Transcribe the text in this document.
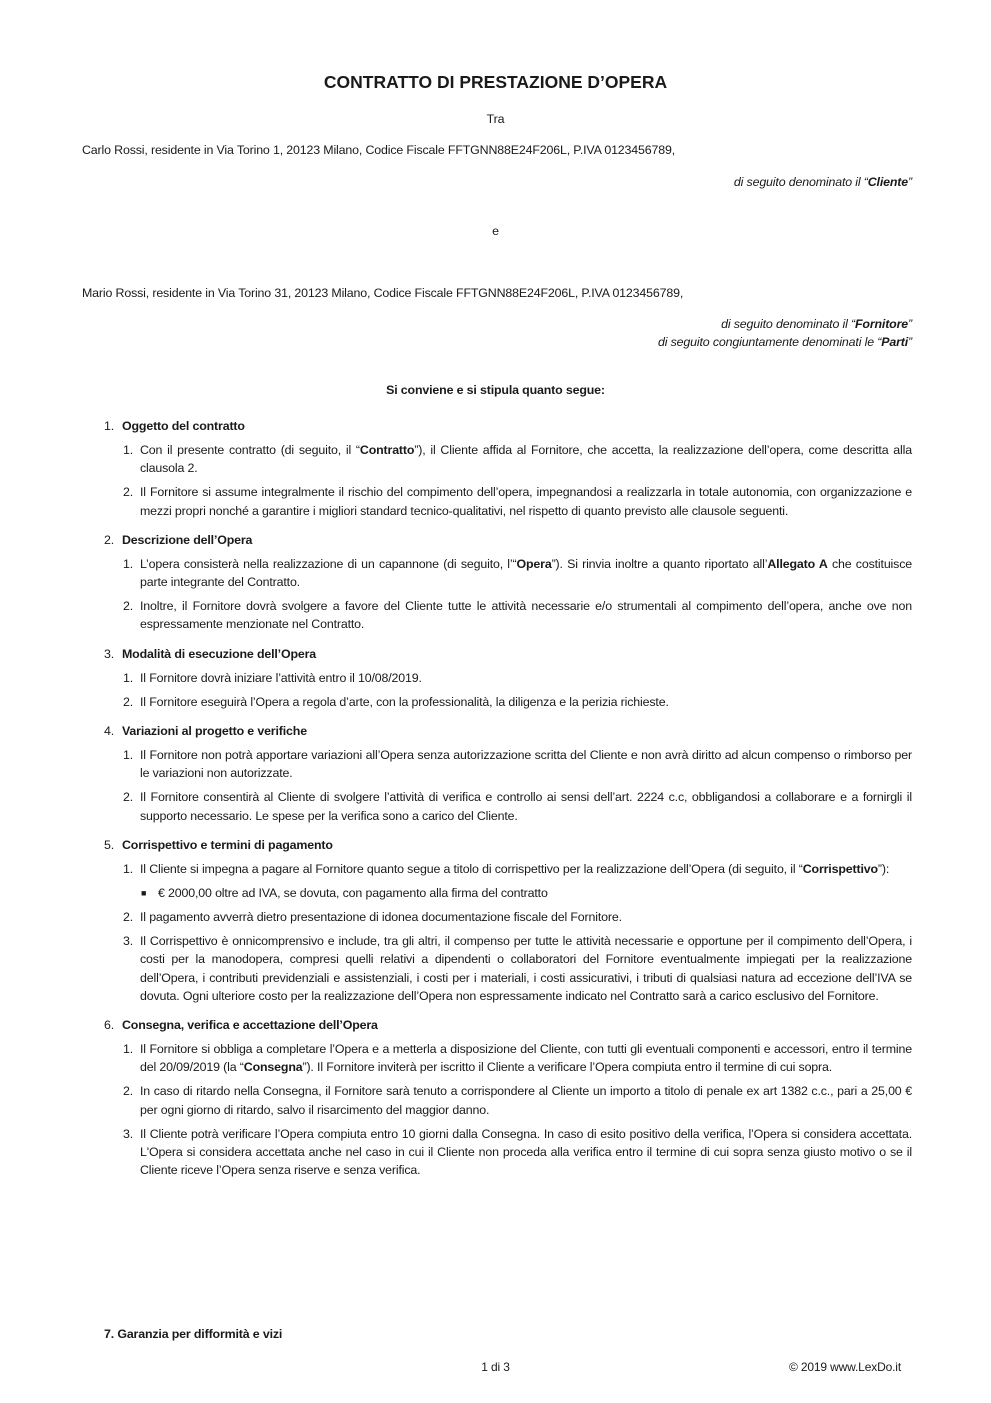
CONTRATTO DI PRESTAZIONE D’OPERA
Tra
Carlo Rossi, residente in Via Torino 1, 20123 Milano, Codice Fiscale FFTGNN88E24F206L, P.IVA 0123456789,
di seguito denominato il “Cliente”
e
Mario Rossi, residente in Via Torino 31, 20123 Milano, Codice Fiscale FFTGNN88E24F206L, P.IVA 0123456789,
di seguito denominato il “Fornitore”
di seguito congiuntamente denominati le “Parti”
Si conviene e si stipula quanto segue:
1. Oggetto del contratto
1. Con il presente contratto (di seguito, il “Contratto”), il Cliente affida al Fornitore, che accetta, la realizzazione dell’opera, come descritta alla clausola 2.
2. Il Fornitore si assume integralmente il rischio del compimento dell’opera, impegnandosi a realizzarla in totale autonomia, con organizzazione e mezzi propri nonché a garantire i migliori standard tecnico-qualitativi, nel rispetto di quanto previsto alle clausole seguenti.
2. Descrizione dell’Opera
1. L’opera consisterà nella realizzazione di un capannone (di seguito, l’“Opera”). Si rinvia inoltre a quanto riportato all’Allegato A che costituisce parte integrante del Contratto.
2. Inoltre, il Fornitore dovrà svolgere a favore del Cliente tutte le attività necessarie e/o strumentali al compimento dell’opera, anche ove non espressamente menzionate nel Contratto.
3. Modalità di esecuzione dell’Opera
1. Il Fornitore dovrà iniziare l’attività entro il 10/08/2019.
2. Il Fornitore eseguirà l’Opera a regola d’arte, con la professionalità, la diligenza e la perizia richieste.
4. Variazioni al progetto e verifiche
1. Il Fornitore non potrà apportare variazioni all’Opera senza autorizzazione scritta del Cliente e non avrà diritto ad alcun compenso o rimborso per le variazioni non autorizzate.
2. Il Fornitore consentirà al Cliente di svolgere l’attività di verifica e controllo ai sensi dell’art. 2224 c.c, obbligandosi a collaborare e a fornirgli il supporto necessario. Le spese per la verifica sono a carico del Cliente.
5. Corrispettivo e termini di pagamento
1. Il Cliente si impegna a pagare al Fornitore quanto segue a titolo di corrispettivo per la realizzazione dell’Opera (di seguito, il “Corrispettivo”):
■ € 2000,00 oltre ad IVA, se dovuta, con pagamento alla firma del contratto
2. Il pagamento avverrà dietro presentazione di idonea documentazione fiscale del Fornitore.
3. Il Corrispettivo è onnicomprensivo e include, tra gli altri, il compenso per tutte le attività necessarie e opportune per il compimento dell’Opera, i costi per la manodopera, compresi quelli relativi a dipendenti o collaboratori del Fornitore eventualmente impiegati per la realizzazione dell’Opera, i contributi previdenziali e assistenziali, i costi per i materiali, i costi assicurativi, i tributi di qualsiasi natura ad eccezione dell’IVA se dovuta. Ogni ulteriore costo per la realizzazione dell’Opera non espressamente indicato nel Contratto sarà a carico esclusivo del Fornitore.
6. Consegna, verifica e accettazione dell’Opera
1. Il Fornitore si obbliga a completare l’Opera e a metterla a disposizione del Cliente, con tutti gli eventuali componenti e accessori, entro il termine del 20/09/2019 (la “Consegna”). Il Fornitore inviterà per iscritto il Cliente a verificare l’Opera compiuta entro il termine di cui sopra.
2. In caso di ritardo nella Consegna, il Fornitore sarà tenuto a corrispondere al Cliente un importo a titolo di penale ex art 1382 c.c., pari a 25,00 € per ogni giorno di ritardo, salvo il risarcimento del maggior danno.
3. Il Cliente potrà verificare l’Opera compiuta entro 10 giorni dalla Consegna. In caso di esito positivo della verifica, l’Opera si considera accettata. L'Opera si considera accettata anche nel caso in cui il Cliente non proceda alla verifica entro il termine di cui sopra senza giusto motivo o se il Cliente riceve l’Opera senza riserve e senza verifica.
7. Garanzia per difformità e vizi
1 di 3	© 2019 www.LexDo.it
